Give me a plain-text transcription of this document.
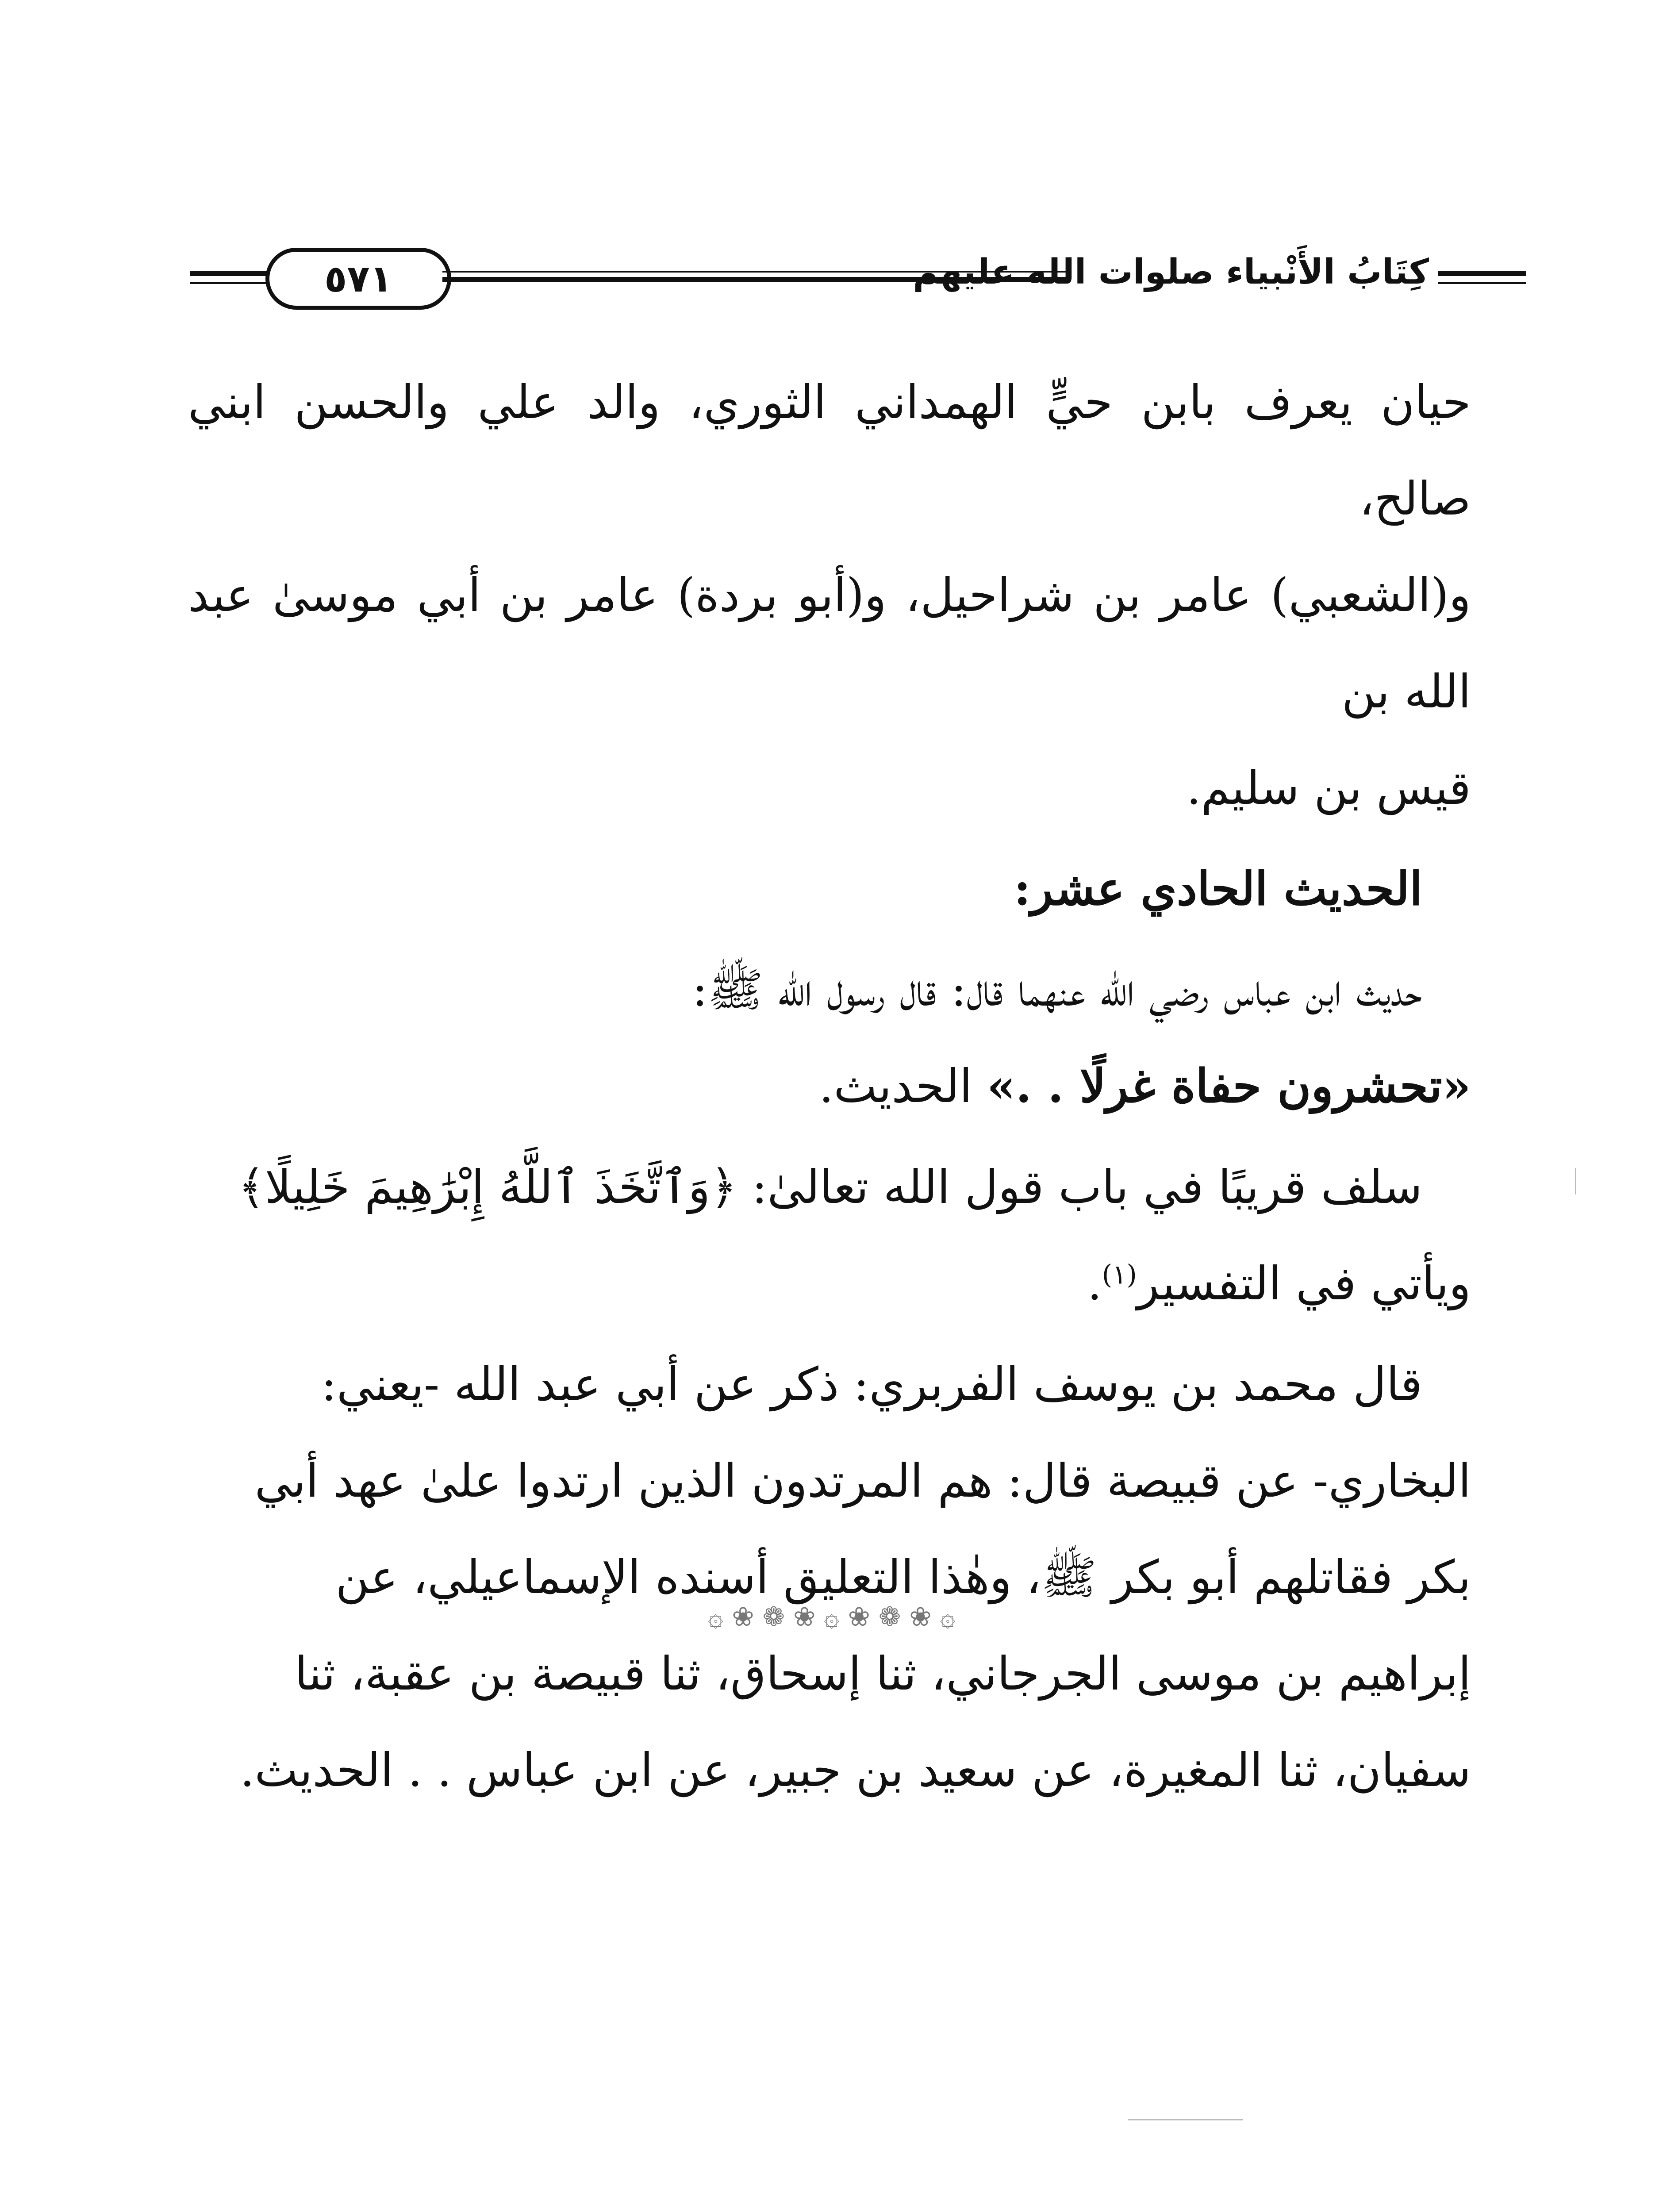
٥٧١	كِتَابُ الأَنْبياء صلوات الله عليهم

حيان يعرف بابن حيٍّ الهمداني الثوري، والد علي والحسن ابني صالح،
و(الشعبي) عامر بن شراحيل، و(أبو بردة) عامر بن أبي موسىٰ عبد الله بن
قيس بن سليم.

الحديث الحادي عشر:

حديث ابن عباس رضي الله عنهما قال: قال رسول الله ﷺ:
«تحشرون حفاة غرلًا . .» الحديث.

سلف قريبًا في باب قول الله تعالىٰ: ﴿وَٱتَّخَذَ ٱللَّهُ إِبْرَٰهِيمَ خَلِيلًا﴾
ويأتي في التفسير$^{(١)}$.

قال محمد بن يوسف الفربري: ذكر عن أبي عبد الله -يعني:
البخاري- عن قبيصة قال: هم المرتدون الذين ارتدوا علىٰ عهد أبي
بكر فقاتلهم أبو بكر ﷺ، وهٰذا التعليق أسنده الإسماعيلي، عن
إبراهيم بن موسى الجرجاني، ثنا إسحاق، ثنا قبيصة بن عقبة، ثنا
سفيان، ثنا المغيرة، عن سعيد بن جبير، عن ابن عباس . . الحديث.

۞ ❀ ❁ ❀ ۞ ❀ ❁ ❀ ۞
